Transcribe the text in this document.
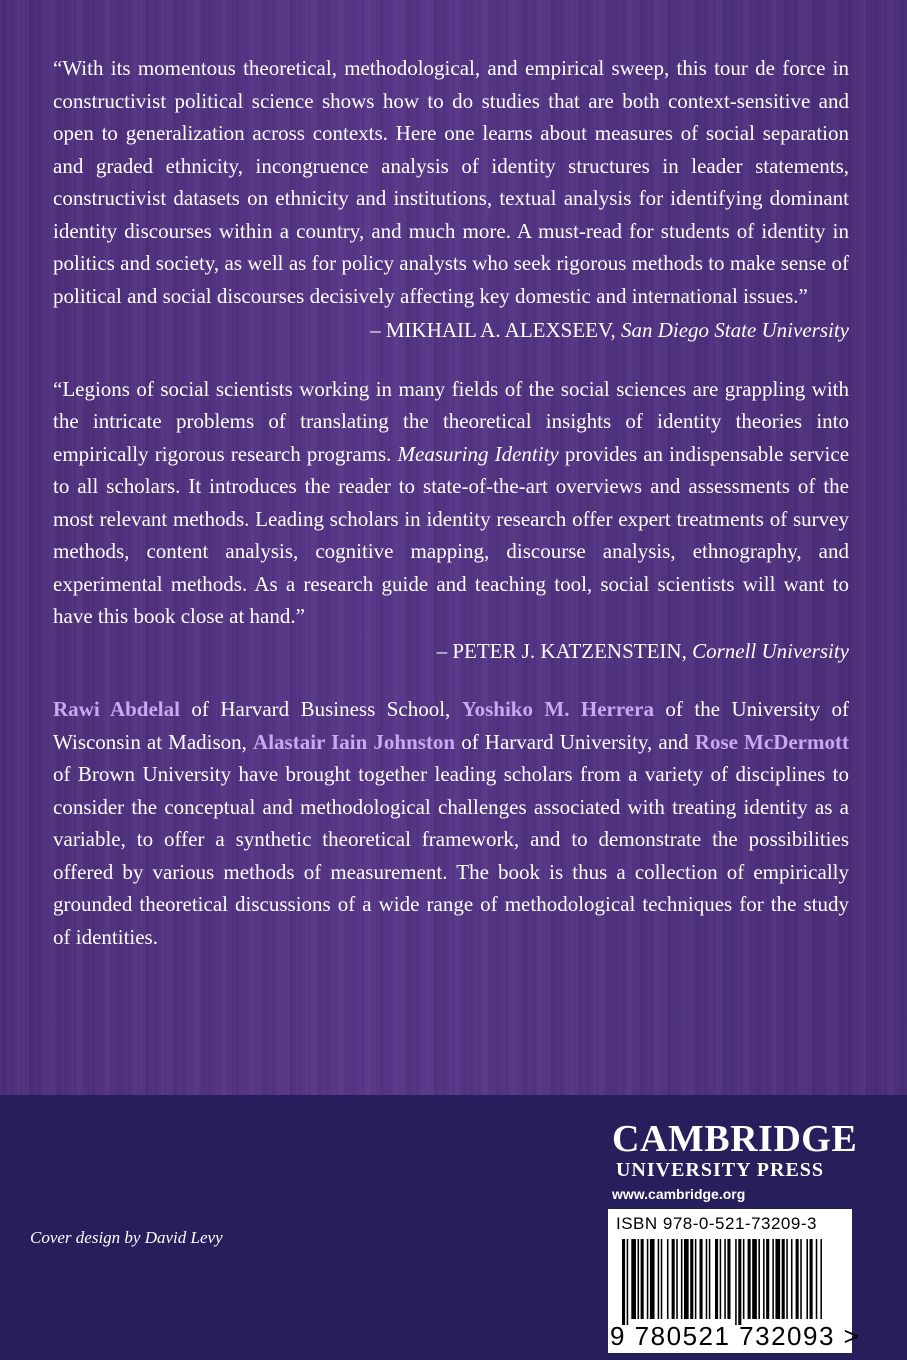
“With its momentous theoretical, methodological, and empirical sweep, this tour de force in constructivist political science shows how to do studies that are both context-sensitive and open to generalization across contexts. Here one learns about measures of social separation and graded ethnicity, incongruence analysis of identity structures in leader statements, constructivist datasets on ethnicity and institutions, textual analysis for identifying dominant identity discourses within a country, and much more. A must-read for students of identity in politics and society, as well as for policy analysts who seek rigorous methods to make sense of political and social discourses decisively affecting key domestic and international issues.”

– MIKHAIL A. ALEXSEEV, San Diego State University

“Legions of social scientists working in many fields of the social sciences are grappling with the intricate problems of translating the theoretical insights of identity theories into empirically rigorous research programs. Measuring Identity provides an indispensable service to all scholars. It introduces the reader to state-of-the-art overviews and assessments of the most relevant methods. Leading scholars in identity research offer expert treatments of survey methods, content analysis, cognitive mapping, discourse analysis, ethnography, and experimental methods. As a research guide and teaching tool, social scientists will want to have this book close at hand.”

– PETER J. KATZENSTEIN, Cornell University

Rawi Abdelal of Harvard Business School, Yoshiko M. Herrera of the University of Wisconsin at Madison, Alastair Iain Johnston of Harvard University, and Rose McDermott of Brown University have brought together leading scholars from a variety of disciplines to consider the conceptual and methodological challenges associated with treating identity as a variable, to offer a synthetic theoretical framework, and to demonstrate the possibilities offered by various methods of measurement. The book is thus a collection of empirically grounded theoretical discussions of a wide range of methodological techniques for the study of identities.

Cover design by David Levy
CAMBRIDGE
UNIVERSITY PRESS
www.cambridge.org
ISBN 978-0-521-73209-3
9 780521 732093 >
